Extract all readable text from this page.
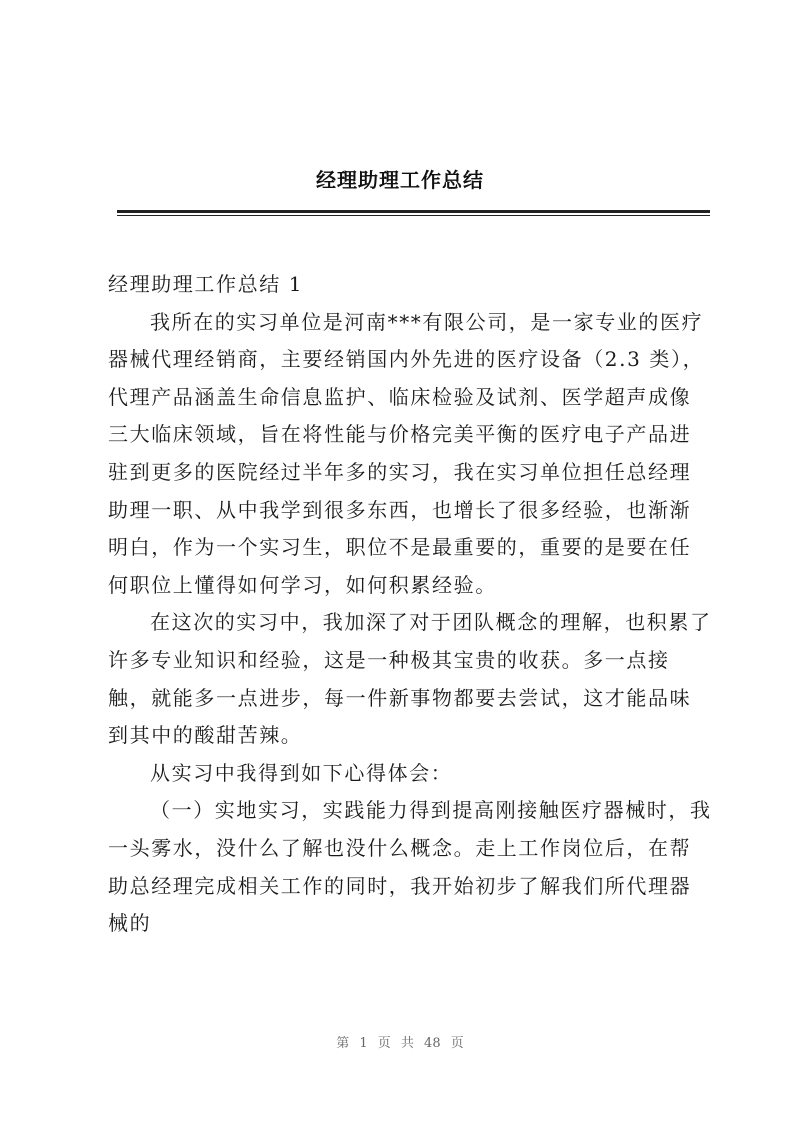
经理助理工作总结

经理助理工作总结 1

我所在的实习单位是河南***有限公司，是一家专业的医疗器械代理经销商，主要经销国内外先进的医疗设备（2.3 类），代理产品涵盖生命信息监护、临床检验及试剂、医学超声成像三大临床领域，旨在将性能与价格完美平衡的医疗电子产品进驻到更多的医院经过半年多的实习，我在实习单位担任总经理助理一职、从中我学到很多东西，也增长了很多经验，也渐渐明白，作为一个实习生，职位不是最重要的，重要的是要在任何职位上懂得如何学习，如何积累经验。

在这次的实习中，我加深了对于团队概念的理解，也积累了许多专业知识和经验，这是一种极其宝贵的收获。多一点接触，就能多一点进步，每一件新事物都要去尝试，这才能品味到其中的酸甜苦辣。

从实习中我得到如下心得体会：

（一）实地实习，实践能力得到提高刚接触医疗器械时，我一头雾水，没什么了解也没什么概念。走上工作岗位后，在帮助总经理完成相关工作的同时，我开始初步了解我们所代理器械的

第 1 页 共 48 页
